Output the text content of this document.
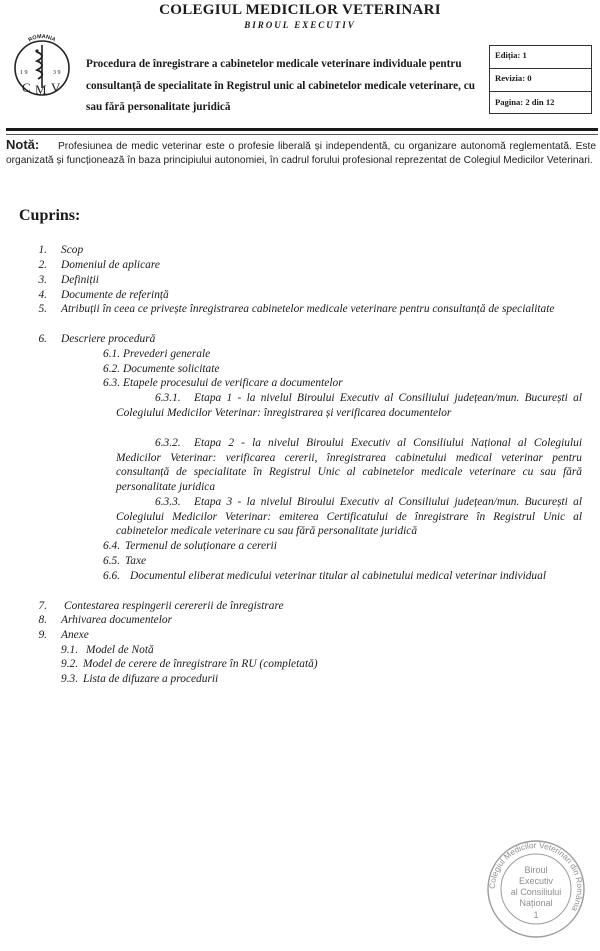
COLEGIUL MEDICILOR VETERINARI
BIROUL EXECUTIV
ROMANIA
1 9	3 9
C M V
Procedura de înregistrare a cabinetelor medicale veterinare individuale pentru consultanță de specialitate în Registrul unic al cabinetelor medicale veterinare, cu sau fără personalitate juridică
Ediția: 1
Revizia: 0
Pagina: 2 din 12
Notă: Profesiunea de medic veterinar este o profesie liberală și independentă, cu organizare autonomă reglementată. Este organizată și funcționează în baza principiului autonomiei, în cadrul forului profesional reprezentat de Colegiul Medicilor Veterinari.
Cuprins:
1. Scop
2. Domeniul de aplicare
3. Definiții
4. Documente de referință
5. Atribuții în ceea ce privește înregistrarea cabinetelor medicale veterinare pentru consultanță de specialitate
6. Descriere procedură
6.1. Prevederi generale
6.2. Documente solicitate
6.3. Etapele procesului de verificare a documentelor
6.3.1.	Etapa 1 - la nivelul Biroului Executiv al Consiliului județean/mun. București al Colegiului Medicilor Veterinar: înregistrarea și verificarea documentelor
6.3.2.	Etapa 2 - la nivelul Biroului Executiv al Consiliului Național al Colegiului Medicilor Veterinar: verificarea cererii, înregistrarea cabinetului medical veterinar pentru consultanță de specialitate în Registrul Unic al cabinetelor medicale veterinare cu sau fără personalitate juridica
6.3.3.	Etapa 3 - la nivelul Biroului Executiv al Consiliului județean/mun. București al Colegiului Medicilor Veterinar: emiterea Certificatului de înregistrare în Registrul Unic al cabinetelor medicale veterinare cu sau fără personalitate juridică
6.4. Termenul de soluționare a cererii
6.5. Taxe
6.6. Documentul eliberat medicului veterinar titular al cabinetului medical veterinar individual
7. Contestarea respingerii cerererii de înregistrare
8. Arhivarea documentelor
9. Anexe
9.1. Model de Notă
9.2. Model de cerere de înregistrare în RU (completată)
9.3. Lista de difuzare a procedurii
Colegiul Medicilor Veterinari din România
Biroul
Executiv
al Consiliului
Național
1
